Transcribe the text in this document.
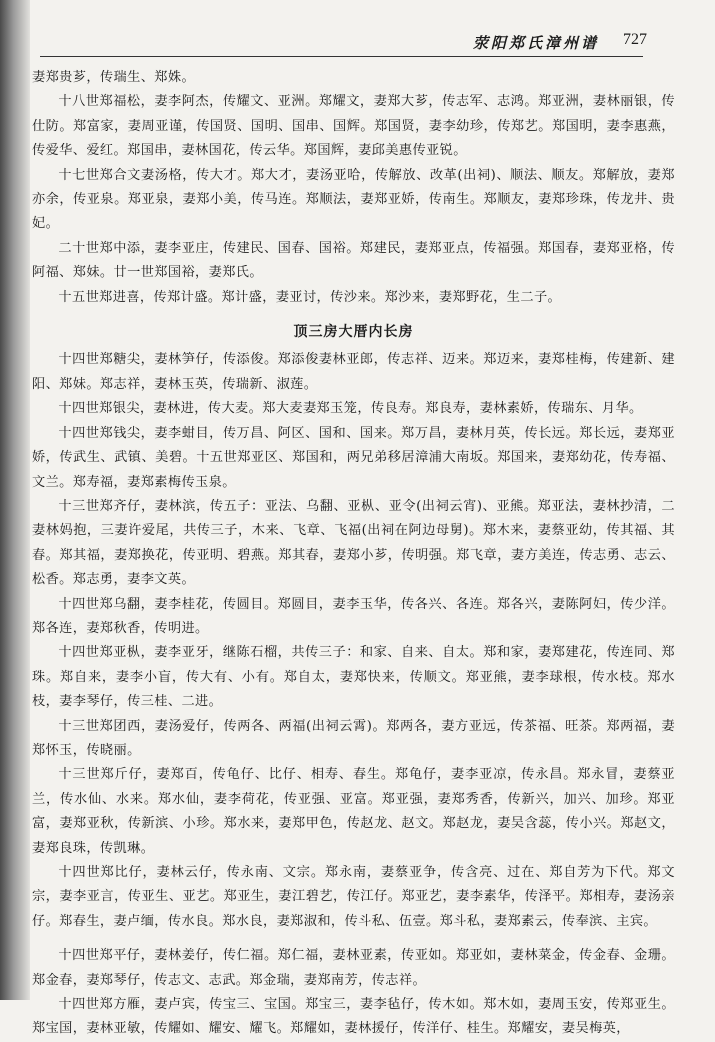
荥阳郑氏漳州谱 727

妻郑贵芗，传瑞生、郑姝。

十八世郑福松，妻李阿杰，传耀文、亚洲。郑耀文，妻郑大芗，传志军、志鸿。郑亚洲，妻林丽银，传仕防。郑富家，妻周亚谨，传国贤、国明、国串、国辉。郑国贤，妻李幼珍，传郑艺。郑国明，妻李惠燕，传爱华、爱红。郑国串，妻林国花，传云华。郑国辉，妻邱美惠传亚锐。

十七世郑合文妻汤格，传大才。郑大才，妻汤亚哈，传解放、改革(出祠)、顺法、顺友。郑解放，妻郑亦余，传亚泉。郑亚泉，妻郑小美，传马连。郑顺法，妻郑亚娇，传南生。郑顺友，妻郑珍珠，传龙井、贵妃。

二十世郑中添，妻李亚庄，传建民、国春、国裕。郑建民，妻郑亚点，传福强。郑国春，妻郑亚格，传阿福、郑妹。廿一世郑国裕，妻郑氏。

十五世郑进喜，传郑计盛。郑计盛，妻亚讨，传沙来。郑沙来，妻郑野花，生二子。

顶三房大厝内长房

十四世郑糖尖，妻林笋仔，传添俊。郑添俊妻林亚郎，传志祥、迈来。郑迈来，妻郑桂梅，传建新、建阳、郑妹。郑志祥，妻林玉英，传瑞新、淑莲。

十四世郑银尖，妻林进，传大麦。郑大麦妻郑玉笼，传良寿。郑良寿，妻林素娇，传瑞东、月华。

十四世郑钱尖，妻李蚶目，传万昌、阿区、国和、国来。郑万昌，妻林月英，传长远。郑长远，妻郑亚娇，传武生、武镇、美碧。十五世郑亚区、郑国和，两兄弟移居漳浦大南坂。郑国来，妻郑幼花，传寿福、文兰。郑寿福，妻郑素梅传玉泉。

十三世郑齐仔，妻林滨，传五子：亚法、乌翻、亚枞、亚令(出祠云宵)、亚熊。郑亚法，妻林抄清，二妻林妈抱，三妻许爱尾，共传三子，木来、飞章、飞福(出祠在阿边母舅)。郑木来，妻蔡亚幼，传其福、其春。郑其福，妻郑换花，传亚明、碧燕。郑其春，妻郑小芗，传明强。郑飞章，妻方美连，传志勇、志云、松香。郑志勇，妻李文英。

十四世郑乌翻，妻李桂花，传圆目。郑圆目，妻李玉华，传各兴、各连。郑各兴，妻陈阿妇，传少洋。郑各连，妻郑秋香，传明进。

十四世郑亚枞，妻李亚牙，继陈石榴，共传三子：和家、自来、自太。郑和家，妻郑建花，传连同、郑珠。郑自来，妻李小盲，传大有、小有。郑自太，妻郑快来，传顺文。郑亚熊，妻李球根，传水枝。郑水枝，妻李琴仔，传三桂、二进。

十三世郑团西，妻汤爱仔，传两各、两福(出祠云霄)。郑两各，妻方亚远，传茶福、旺茶。郑两福，妻郑怀玉，传晓丽。

十三世郑斤仔，妻郑百，传龟仔、比仔、相寿、春生。郑龟仔，妻李亚凉，传永昌。郑永冒，妻蔡亚兰，传水仙、水来。郑水仙，妻李荷花，传亚强、亚富。郑亚强，妻郑秀香，传新兴，加兴、加珍。郑亚富，妻郑亚秋，传新滨、小珍。郑水来，妻郑甲色，传赵龙、赵文。郑赵龙，妻吴含蕊，传小兴。郑赵文，妻郑良珠，传凯琳。

十四世郑比仔，妻林云仔，传永南、文宗。郑永南，妻蔡亚争，传含亮、过在、郑自芳为下代。郑文宗，妻李亚言，传亚生、亚艺。郑亚生，妻江碧艺，传江仔。郑亚艺，妻李素华，传泽平。郑相寿，妻汤亲仔。郑春生，妻卢缅，传水良。郑水良，妻郑淑和，传斗私、伍壹。郑斗私，妻郑素云，传奉滨、主宾。

十四世郑平仔，妻林姜仔，传仁福。郑仁福，妻林亚素，传亚如。郑亚如，妻林菜金，传金春、金珊。郑金春，妻郑琴仔，传志文、志武。郑金瑞，妻郑南芳，传志祥。

十四世郑方雁，妻卢宾，传宝三、宝国。郑宝三，妻李毡仔，传木如。郑木如，妻周玉安，传郑亚生。郑宝国，妻林亚敏，传耀如、耀安、耀飞。郑耀如，妻林援仔，传洋仔、桂生。郑耀安，妻吴梅英，
